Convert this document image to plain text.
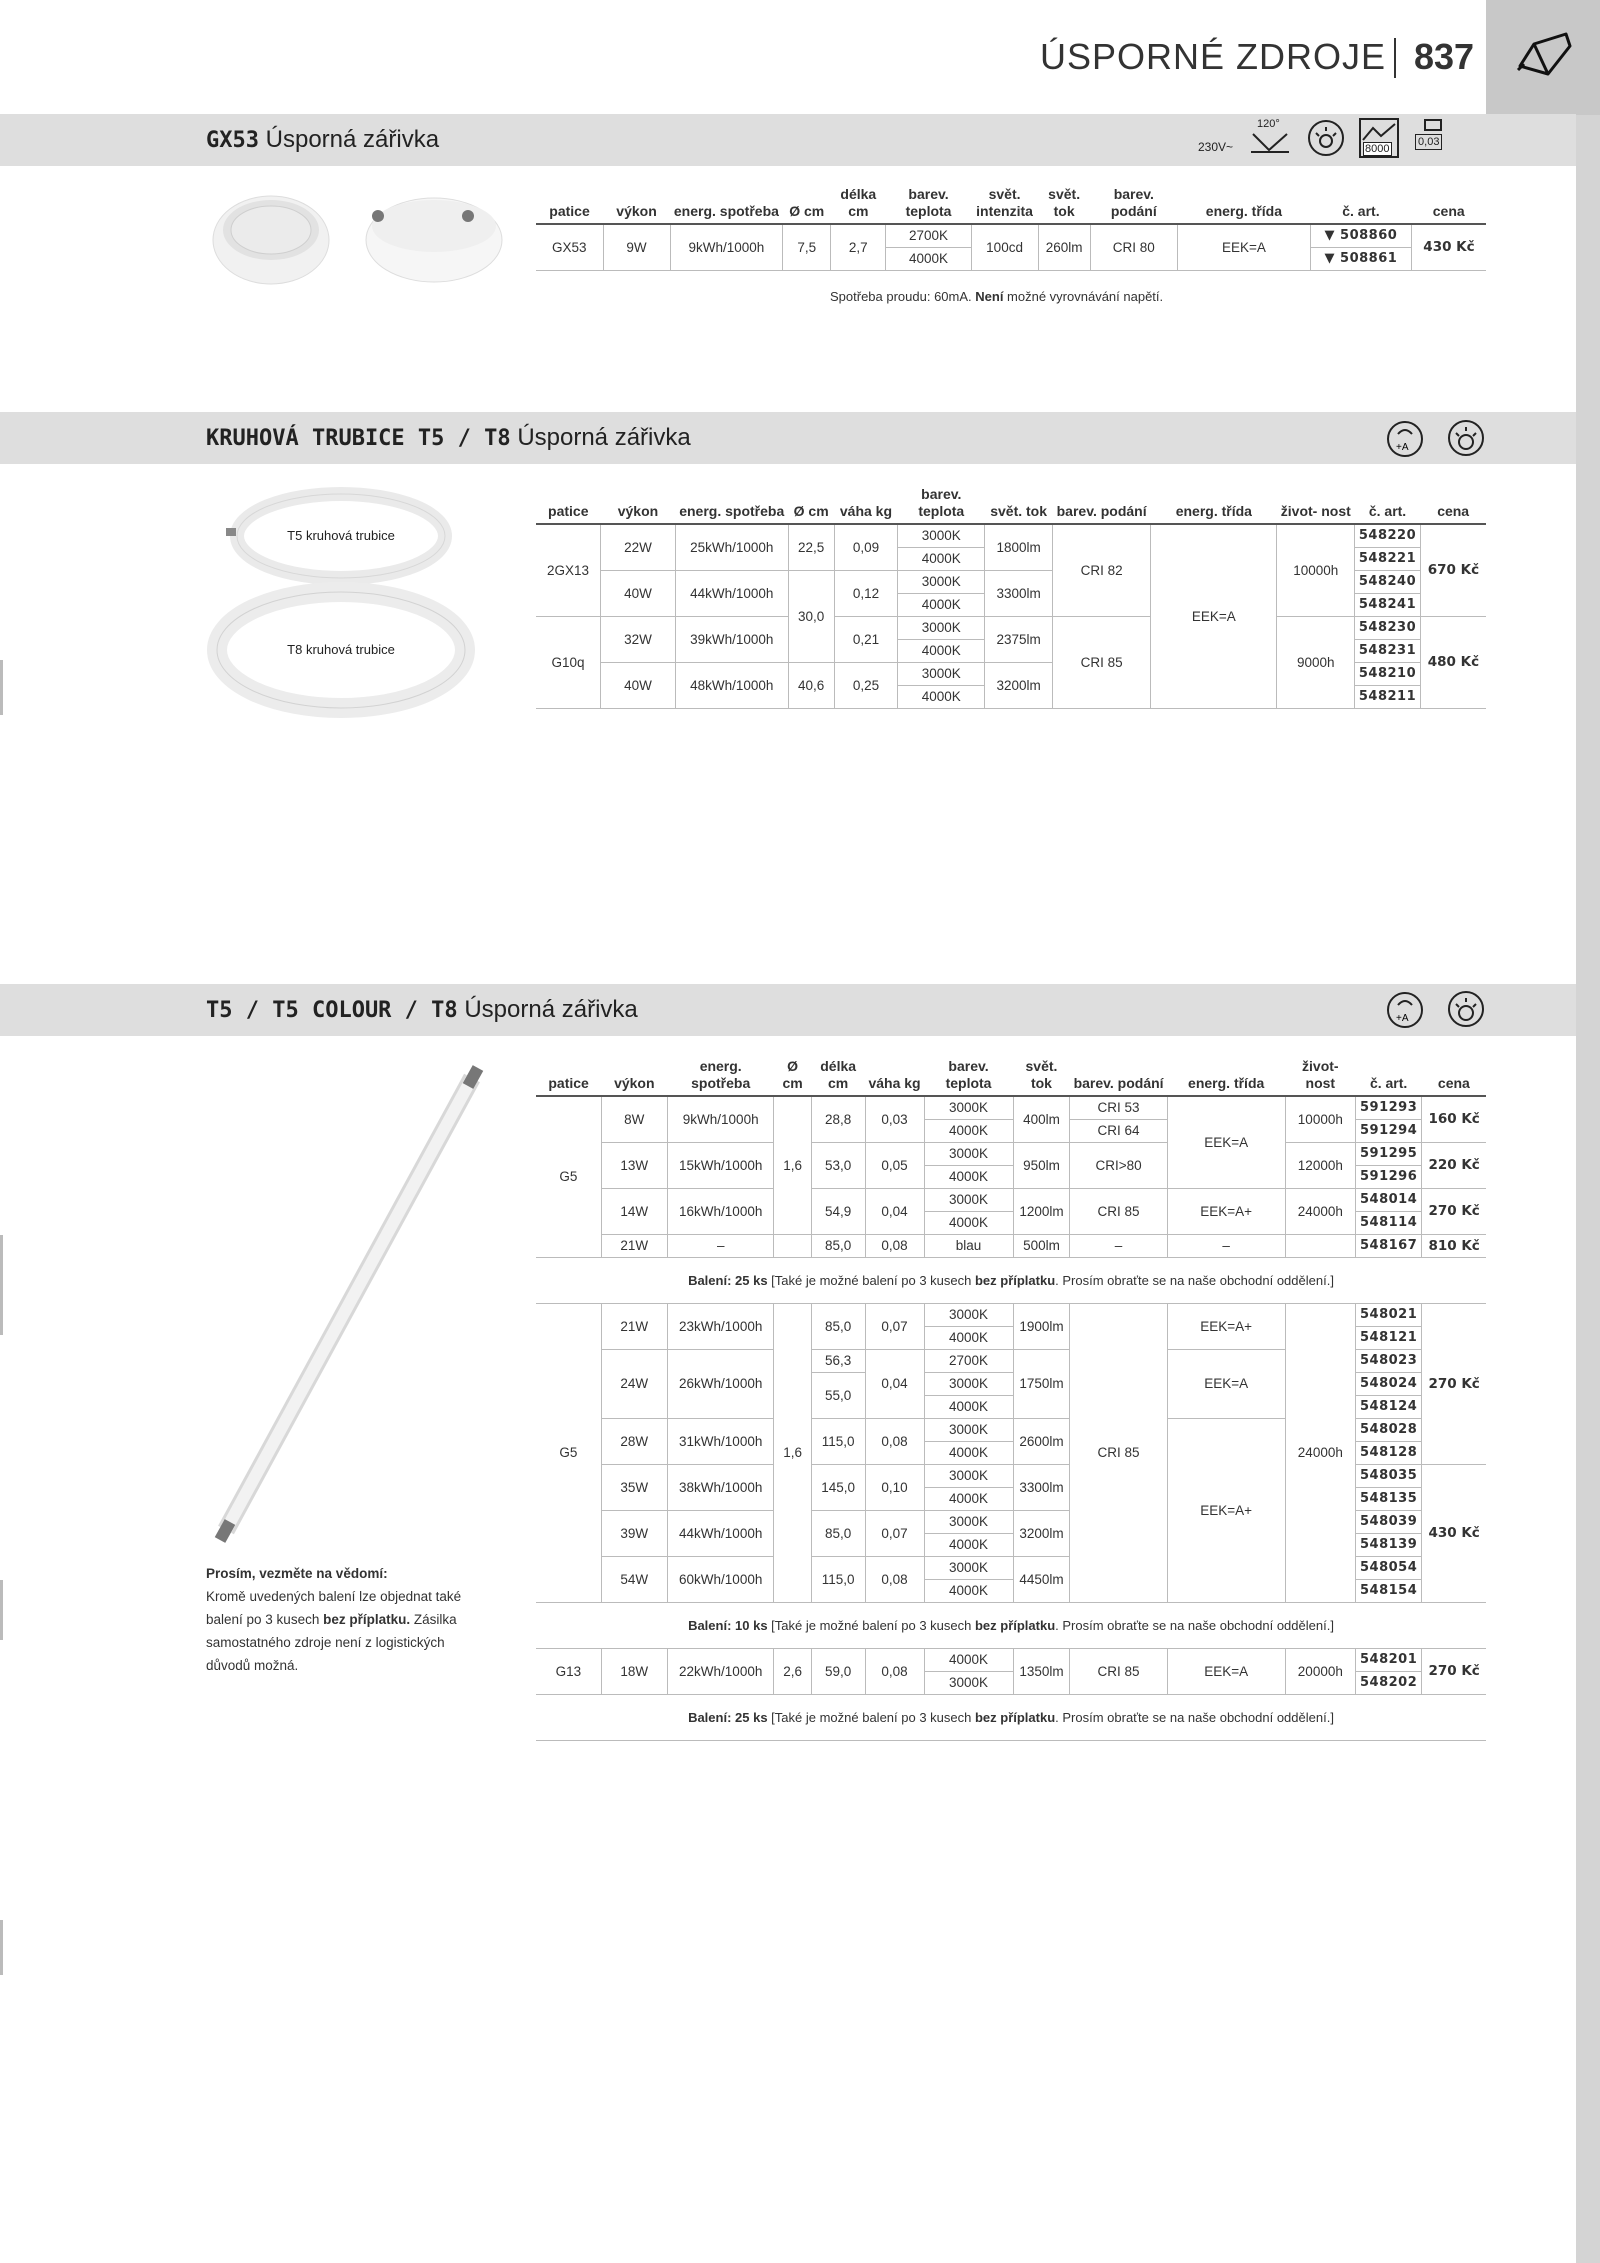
ÚSPORNÉ ZDROJE 837
GX53 Úsporná zářivka	230V~
120°
8000
0,03
patice	výkon	energ. spotřeba	Ø cm	délka cm	barev. teplota	svět. intenzita	svět. tok	barev. podání	energ. třída	č. art.	cena
GX53	9W	9kWh/1000h	7,5	2,7	2700K	100cd	260lm	CRI 80	EEK=A	▼ 508860	430 Kč
					4000K					▼ 508861	
Spotřeba proudu: 60mA. Není možné vyrovnávání napětí.
KRUHOVÁ TRUBICE T5 / T8 Úsporná zářivka	+A
T5 kruhová trubice
T8 kruhová trubice
patice	výkon	energ. spotřeba	Ø cm	váha kg	barev. teplota	svět. tok	barev. podání	energ. třída	život- nost	č. art.	cena
2GX13	22W	25kWh/1000h	22,5	0,09	3000K	1800lm	CRI 82	EEK=A	10000h	548220	670 Kč
					4000K					548221	
	40W	44kWh/1000h	30,0	0,12	3000K	3300lm				548240	
					4000K					548241	
G10q	32W	39kWh/1000h		0,21	3000K	2375lm	CRI 85		9000h	548230	480 Kč
					4000K					548231	
	40W	48kWh/1000h	40,6	0,25	3000K	3200lm				548210	
					4000K					548211	
T5 / T5 COLOUR / T8 Úsporná zářivka	+A
Prosím, vezměte na vědomí:
Kromě uvedených balení lze objednat také balení po 3 kusech bez příplatku. Zásilka samostatného zdroje není z logistických důvodů možná.
patice	výkon	energ. spotřeba	Ø cm	délka cm	váha kg	barev. teplota	svět. tok	barev. podání	energ. třída	život- nost	č. art.	cena
G5	8W	9kWh/1000h	1,6	28,8	0,03	3000K	400lm	CRI 53	EEK=A	10000h	591293	160 Kč
						4000K		CRI 64			591294	
	13W	15kWh/1000h		53,0	0,05	3000K	950lm	CRI>80		12000h	591295	220 Kč
						4000K					591296	
	14W	16kWh/1000h		54,9	0,04	3000K	1200lm	CRI 85	EEK=A+	24000h	548014	270 Kč
						4000K					548114	
	21W	–		85,0	0,08	blau	500lm	–	–		548167	810 Kč
Balení: 25 ks [Také je možné balení po 3 kusech bez příplatku. Prosím obraťte se na naše obchodní oddělení.]												
G5	21W	23kWh/1000h	1,6	85,0	0,07	3000K	1900lm	CRI 85	EEK=A+	24000h	548021	270 Kč
						4000K					548121	
	24W	26kWh/1000h		56,3	0,04	2700K	1750lm		EEK=A		548023	
				55,0		3000K					548024	
						4000K					548124	
	28W	31kWh/1000h		115,0	0,08	3000K	2600lm		EEK=A+		548028	
						4000K					548128	
	35W	38kWh/1000h		145,0	0,10	3000K	3300lm				548035	430 Kč
						4000K					548135	
	39W	44kWh/1000h		85,0	0,07	3000K	3200lm				548039	
						4000K					548139	
	54W	60kWh/1000h		115,0	0,08	3000K	4450lm				548054	
						4000K					548154	
Balení: 10 ks [Také je možné balení po 3 kusech bez příplatku. Prosím obraťte se na naše obchodní oddělení.]												
G13	18W	22kWh/1000h	2,6	59,0	0,08	4000K	1350lm	CRI 85	EEK=A	20000h	548201	270 Kč
						3000K					548202	
Balení: 25 ks [Také je možné balení po 3 kusech bez příplatku. Prosím obraťte se na naše obchodní oddělení.]												
